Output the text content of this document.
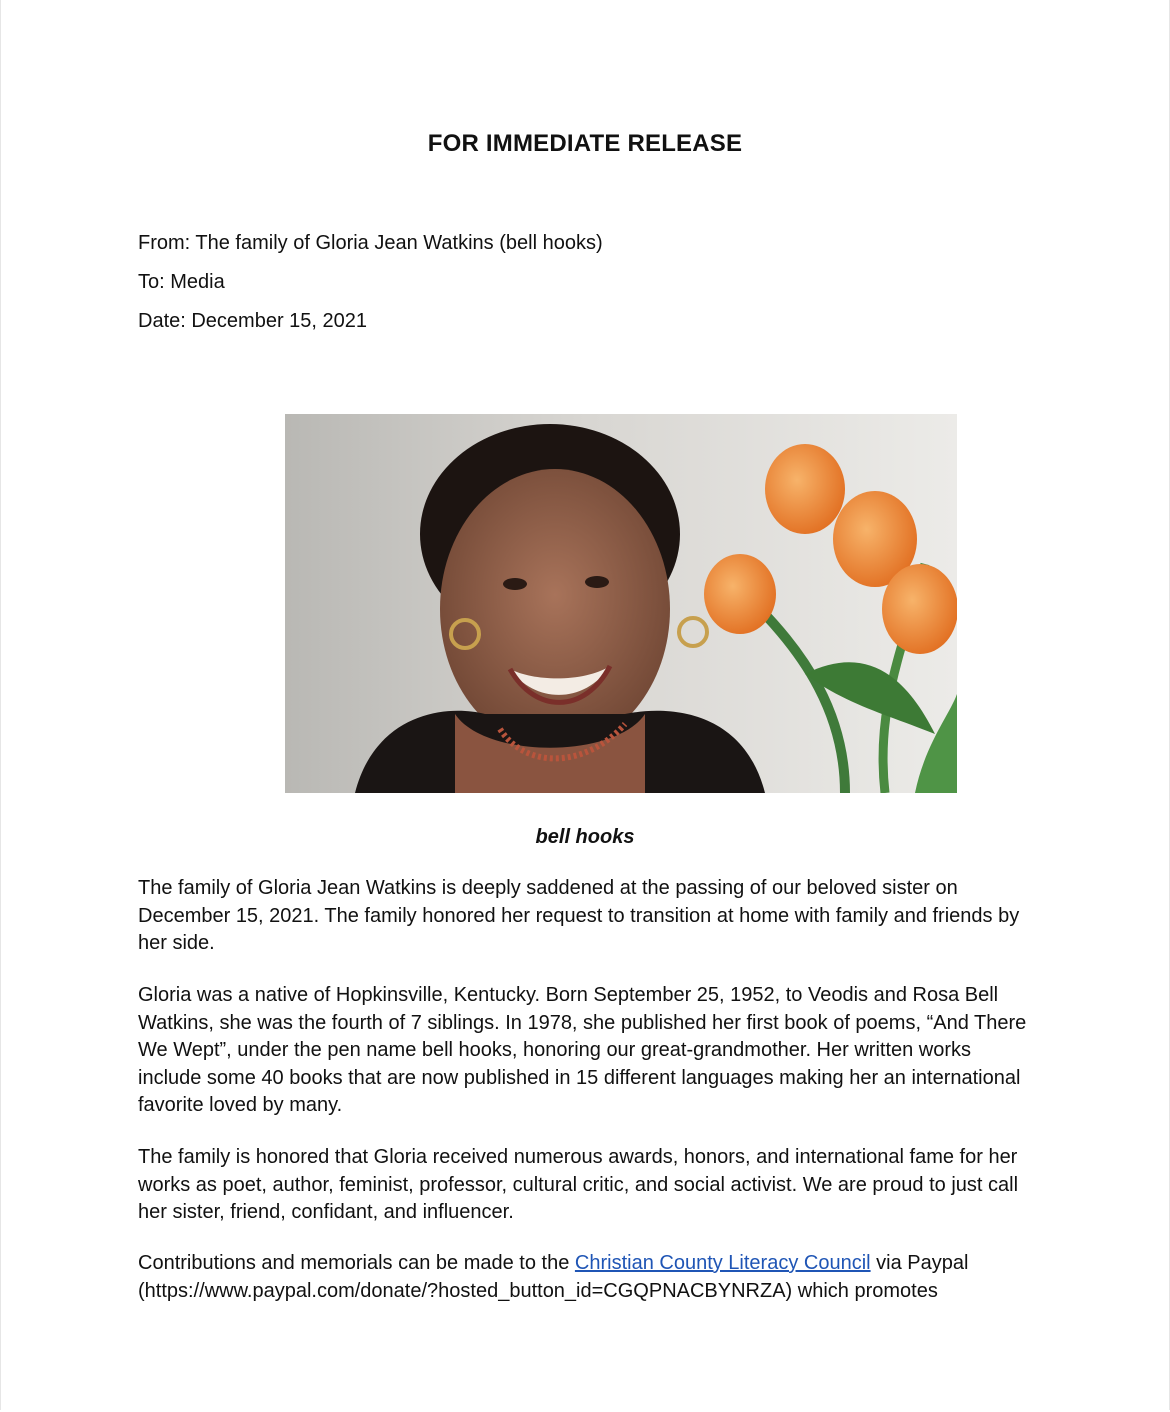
FOR IMMEDIATE RELEASE
From: The family of Gloria Jean Watkins (bell hooks)
To: Media
Date: December 15, 2021
bell hooks

The family of Gloria Jean Watkins is deeply saddened at the passing of our beloved sister on December 15, 2021. The family honored her request to transition at home with family and friends by her side.

Gloria was a native of Hopkinsville, Kentucky. Born September 25, 1952, to Veodis and Rosa Bell Watkins, she was the fourth of 7 siblings. In 1978, she published her first book of poems, “And There We Wept”, under the pen name bell hooks, honoring our great-grandmother. Her written works include some 40 books that are now published in 15 different languages making her an international favorite loved by many.

The family is honored that Gloria received numerous awards, honors, and international fame for her works as poet, author, feminist, professor, cultural critic, and social activist. We are proud to just call her sister, friend, confidant, and influencer.

Contributions and memorials can be made to the Christian County Literacy Council via Paypal (https://www.paypal.com/donate/?hosted_button_id=CGQPNACBYNRZA) which promotes
